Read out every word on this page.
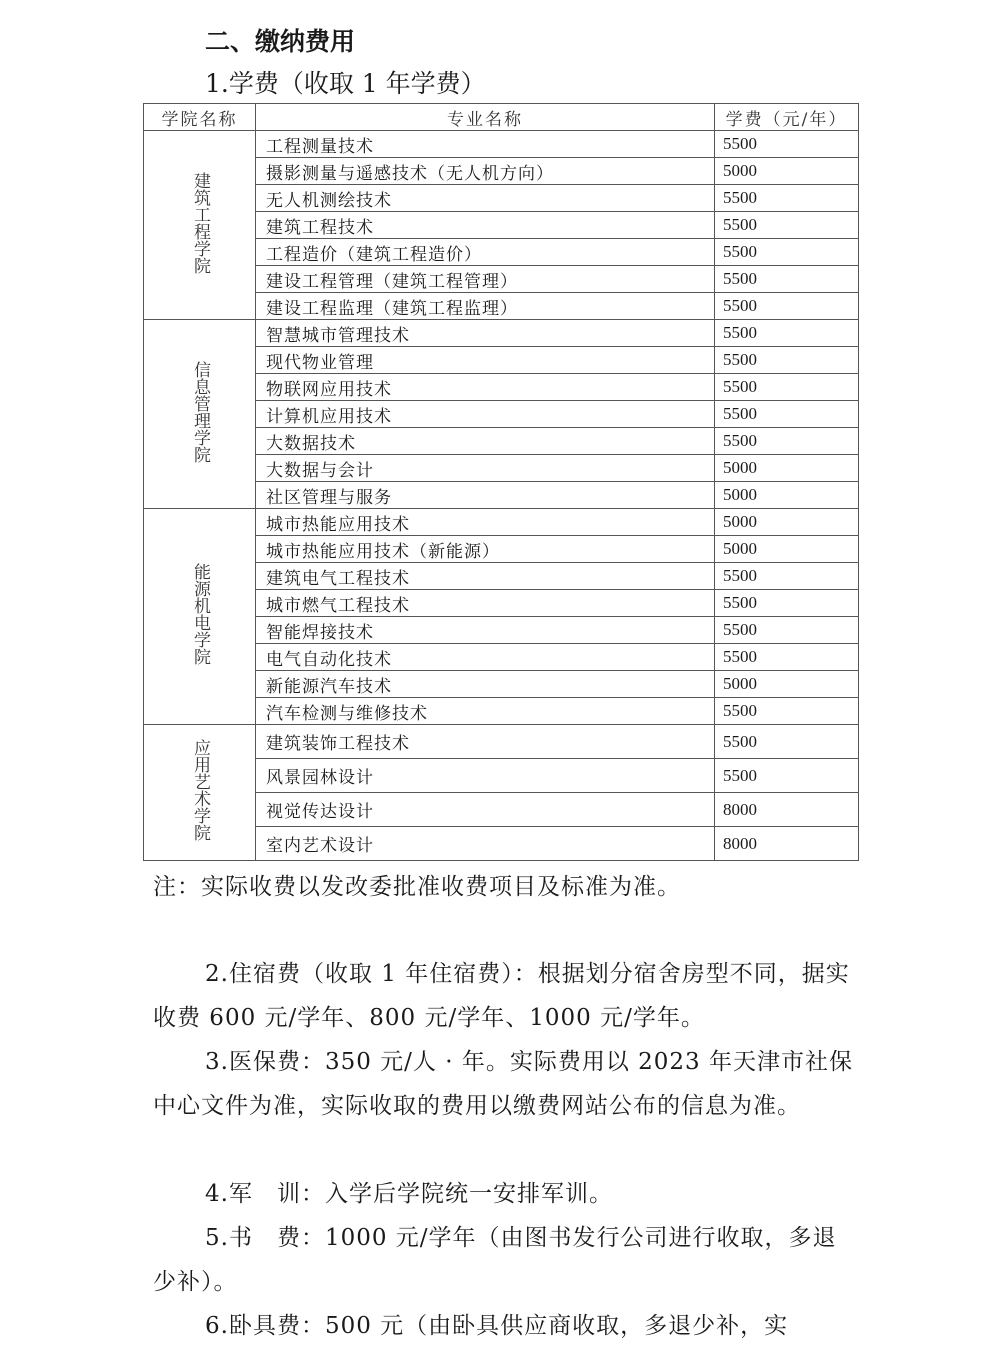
二、缴纳费用
1.学费（收取 1 年学费）
学院名称	专业名称	学费（元/年）
建筑工程学院	工程测量技术	5500
	摄影测量与遥感技术（无人机方向）	5000
	无人机测绘技术	5500
	建筑工程技术	5500
	工程造价（建筑工程造价）	5500
	建设工程管理（建筑工程管理）	5500
	建设工程监理（建筑工程监理）	5500
信息管理学院	智慧城市管理技术	5500
	现代物业管理	5500
	物联网应用技术	5500
	计算机应用技术	5500
	大数据技术	5500
	大数据与会计	5000
	社区管理与服务	5000
能源机电学院	城市热能应用技术	5000
	城市热能应用技术（新能源）	5000
	建筑电气工程技术	5500
	城市燃气工程技术	5500
	智能焊接技术	5500
	电气自动化技术	5500
	新能源汽车技术	5000
	汽车检测与维修技术	5500
应用艺术学院	建筑装饰工程技术	5500
	风景园林设计	5500
	视觉传达设计	8000
	室内艺术设计	8000
注：实际收费以发改委批准收费项目及标准为准。
2.住宿费（收取 1 年住宿费）：根据划分宿舍房型不同，据实收费 600 元/学年、800 元/学年、1000 元/学年。
3.医保费：350 元/人 · 年。实际费用以 2023 年天津市社保中心文件为准，实际收取的费用以缴费网站公布的信息为准。
4.军　训：入学后学院统一安排军训。
5.书　费：1000 元/学年（由图书发行公司进行收取，多退少补）。
6.卧具费：500 元（由卧具供应商收取，多退少补，实
